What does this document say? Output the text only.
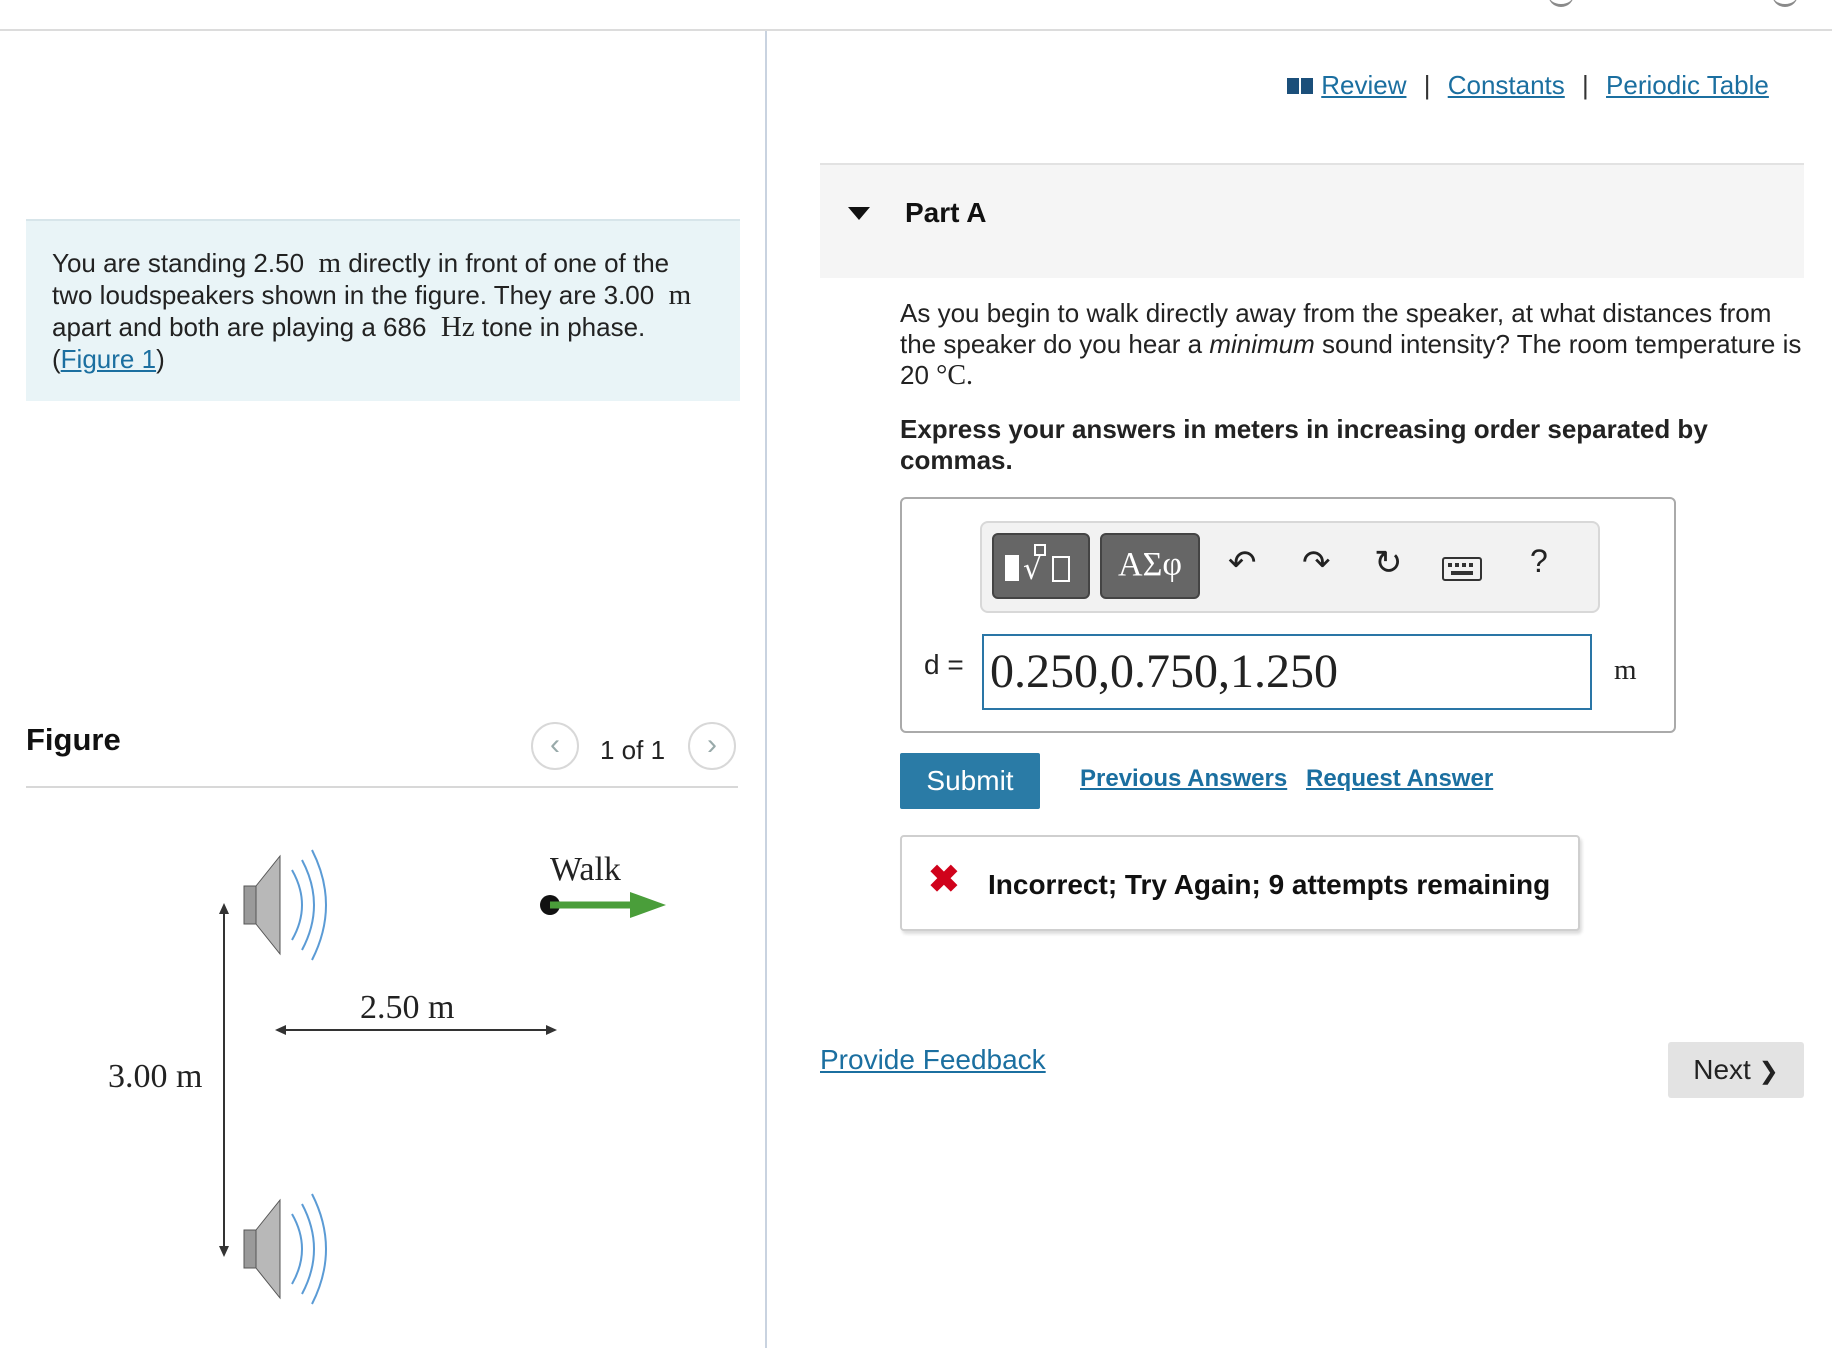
You are standing 2.50 m directly in front of one of the two loudspeakers shown in the figure. They are 3.00 m apart and both are playing a 686 Hz tone in phase. (Figure 1)
Figure	‹	1 of 1	›
3.00 m
2.50 m
Walk
Review | Constants | Periodic Table
Part A
As you begin to walk directly away from the speaker, at what distances from the speaker do you hear a minimum sound intensity? The room temperature is 20 °C.
Express your answers in meters in increasing order separated by commas.
√	ΑΣφ	↶ ↷ ↻	?
d = 0.250,0.750,1.250	m
Submit	Previous Answers Request Answer
✖ Incorrect; Try Again; 9 attempts remaining
Provide Feedback	Next ❯
